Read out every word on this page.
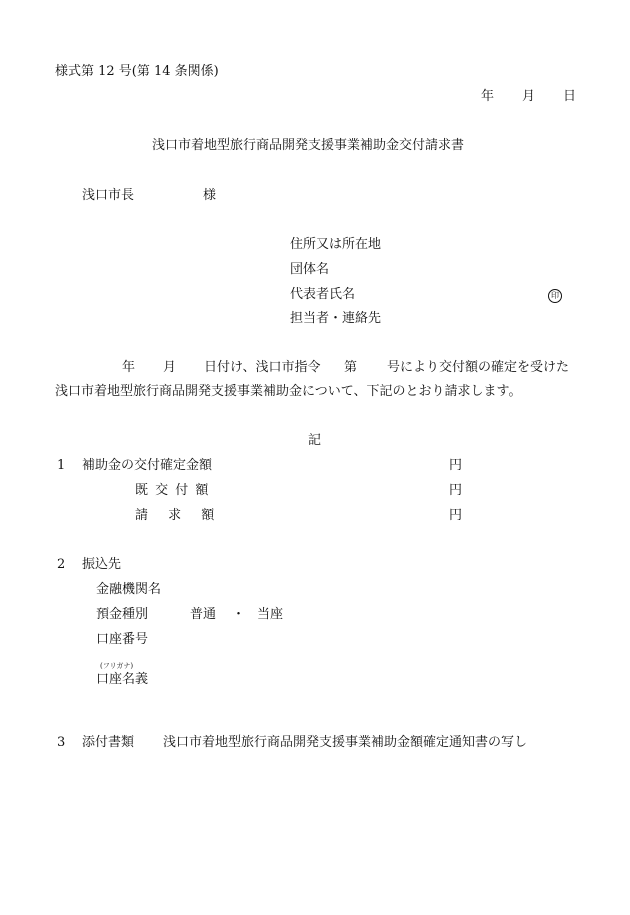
様式第 12 号(第 14 条関係)
年 月 日
浅口市着地型旅行商品開発支援事業補助金交付請求書
浅口市長	様
住所又は所在地
団体名
代表者氏名	印
担当者・連絡先
年 月 日付け、浅口市指令 第 号により交付額の確定を受けた
浅口市着地型旅行商品開発支援事業補助金について、下記のとおり請求します。
記
1 補助金の交付確定金額	円
既 交 付 額	円
請 求 額	円
2 振込先
金融機関名
預金種別	普通 ・ 当座
口座番号
(フリガナ)
口座名義
3 添付書類 浅口市着地型旅行商品開発支援事業補助金額確定通知書の写し
